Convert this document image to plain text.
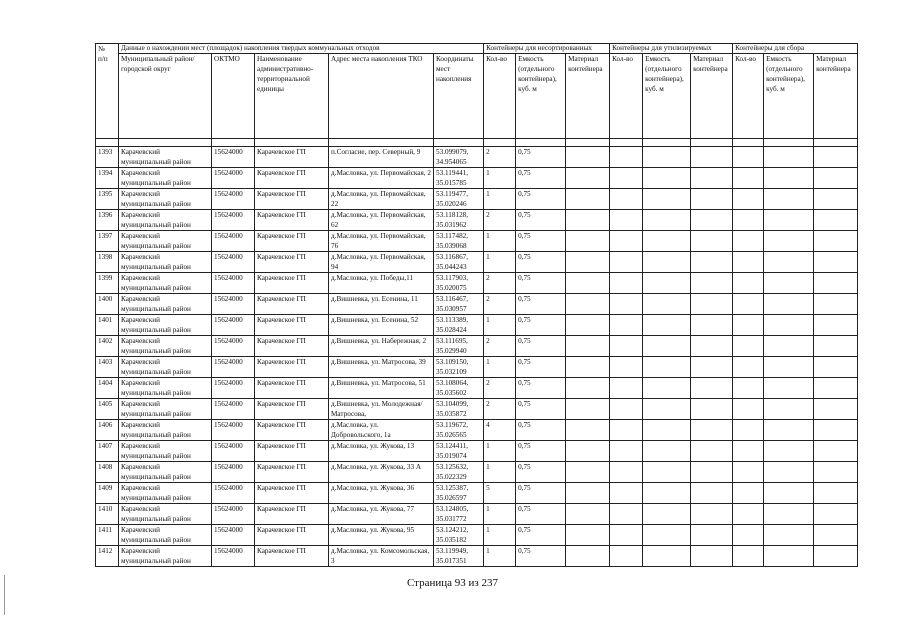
№
п/п	Данные о нахождении мест (площадок) накопления твердых коммунальных отходов					Контейнеры для несортированных			Контейнеры для утилизируемых			Контейнеры для сбора		
	Муниципальный район/городской округ	ОКТМО	Наименование административно-территориальной единицы	Адрес места накопления ТКО	Координаты мест накопления	Кол-во	Емкость (отдельного контейнера), куб. м	Материал контейнера	Кол-во	Емкость (отдельного контейнера), куб. м	Материал контейнера	Кол-во	Емкость (отдельного контейнера), куб. м	Материал контейнера

1393	Карачевский муниципальный район	15624000	Карачевское ГП	п.Согласие, пер. Северный, 9	53.099079, 34.954065	2	0,75							
1394	Карачевский муниципальный район	15624000	Карачевское ГП	д.Масловка, ул. Первомайская, 2	53.119441, 35.015785	1	0,75							
1395	Карачевский муниципальный район	15624000	Карачевское ГП	д.Масловка, ул. Первомайская, 22	53.119477, 35.020246	1	0,75							
1396	Карачевский муниципальный район	15624000	Карачевское ГП	д.Масловка, ул. Первомайская, 62	53.118128, 35.031962	2	0,75							
1397	Карачевский муниципальный район	15624000	Карачевское ГП	д.Масловка, ул. Первомайская, 76	53.117482, 35.039068	1	0,75							
1398	Карачевский муниципальный район	15624000	Карачевское ГП	д.Масловка, ул. Первомайская, 94	53.116867, 35.044243	1	0,75							
1399	Карачевский муниципальный район	15624000	Карачевское ГП	д.Масловка, ул. Победы,11	53.117903, 35.020075	2	0,75							
1400	Карачевский муниципальный район	15624000	Карачевское ГП	д.Вишневка, ул. Есенина, 11	53.116467, 35.030957	2	0,75							
1401	Карачевский муниципальный район	15624000	Карачевское ГП	д.Вишневка, ул. Есенина, 52	53.113389, 35.028424	1	0,75							
1402	Карачевский муниципальный район	15624000	Карачевское ГП	д.Вишневка, ул. Набережная, 2	53.111695, 35.029940	2	0,75							
1403	Карачевский муниципальный район	15624000	Карачевское ГП	д.Вишневка, ул. Матросова, 39	53.109150, 35.032109	1	0,75							
1404	Карачевский муниципальный район	15624000	Карачевское ГП	д.Вишневка, ул. Матросова, 51	53.108064, 35.035602	2	0,75							
1405	Карачевский муниципальный район	15624000	Карачевское ГП	д.Вишневка, ул. Молодежная/Матросова,	53.104099, 35.035872	2	0,75							
1406	Карачевский муниципальный район	15624000	Карачевское ГП	д.Масловка, ул. Добровольского, 1а	53.119672, 35.026565	4	0,75							
1407	Карачевский муниципальный район	15624000	Карачевское ГП	д.Масловка, ул. Жукова, 13	53.124411, 35.019074	1	0,75							
1408	Карачевский муниципальный район	15624000	Карачевское ГП	д.Масловка, ул. Жукова, 33 А	53.125632, 35.022329	1	0,75							
1409	Карачевский муниципальный район	15624000	Карачевское ГП	д.Масловка, ул. Жукова, 36	53.125387, 35.026597	5	0,75							
1410	Карачевский муниципальный район	15624000	Карачевское ГП	д.Масловка, ул. Жукова, 77	53.124805, 35.031772	1	0,75							
1411	Карачевский муниципальный район	15624000	Карачевское ГП	д.Масловка, ул. Жукова, 95	53.124212, 35.035182	1	0,75							
1412	Карачевский муниципальный район	15624000	Карачевское ГП	д.Масловка, ул. Комсомольская, 3	53.119949, 35.017351	1	0,75							
Страница 93 из 237
